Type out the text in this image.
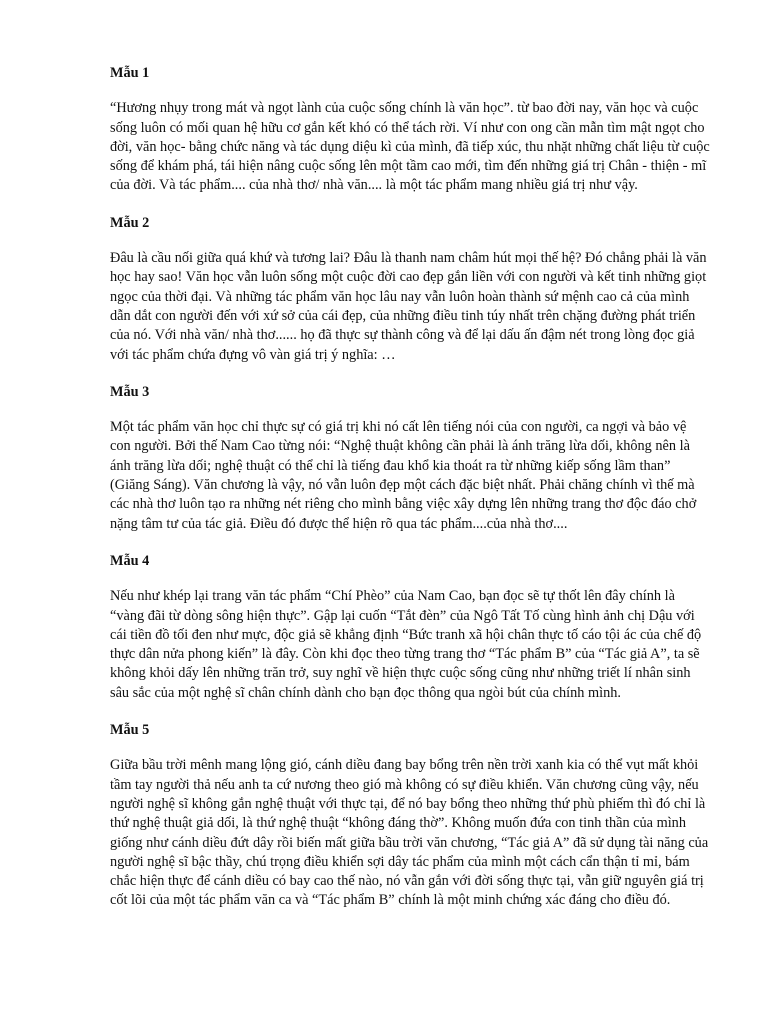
Mẫu 1

“Hương nhụy trong mát và ngọt lành của cuộc sống chính là văn học”. từ bao đời nay, văn học và cuộc sống luôn có mối quan hệ hữu cơ gắn kết khó có thể tách rời. Ví như con ong cần mẫn tìm mật ngọt cho đời, văn học- bằng chức năng và tác dụng diệu kì của mình, đã tiếp xúc, thu nhặt những chất liệu từ cuộc sống để khám phá, tái hiện nâng cuộc sống lên một tầm cao mới, tìm đến những giá trị Chân - thiện - mĩ của đời. Và tác phẩm.... của nhà thơ/ nhà văn.... là một tác phẩm mang nhiều giá trị như vậy.

Mẫu 2

Đâu là cầu nối giữa quá khứ và tương lai? Đâu là thanh nam châm hút mọi thế hệ? Đó chẳng phải là văn học hay sao! Văn học vẫn luôn sống một cuộc đời cao đẹp gắn liền với con người và kết tinh những giọt ngọc của thời đại. Và những tác phẩm văn học lâu nay vẫn luôn hoàn thành sứ mệnh cao cả của mình dẫn dắt con người đến với xứ sở của cái đẹp, của những điều tinh túy nhất trên chặng đường phát triển của nó. Với nhà văn/ nhà thơ...... họ đã thực sự thành công và để lại dấu ấn đậm nét trong lòng đọc giả với tác phẩm chứa đựng vô vàn giá trị ý nghĩa: …

Mẫu 3

Một tác phẩm văn học chỉ thực sự có giá trị khi nó cất lên tiếng nói của con người, ca ngợi và bảo vệ con người. Bởi thế Nam Cao từng nói: “Nghệ thuật không cần phải là ánh trăng lừa dối, không nên là ánh trăng lừa dối; nghệ thuật có thể chỉ là tiếng đau khổ kia thoát ra từ những kiếp sống lầm than” (Giăng Sáng). Văn chương là vậy, nó vẫn luôn đẹp một cách đặc biệt nhất. Phải chăng chính vì thế mà các nhà thơ luôn tạo ra những nét riêng cho mình bằng việc xây dựng lên những trang thơ độc đáo chở nặng tâm tư của tác giả. Điều đó được thể hiện rõ qua tác phẩm....của nhà thơ....

Mẫu 4

Nếu như khép lại trang văn tác phẩm “Chí Phèo” của Nam Cao, bạn đọc sẽ tự thốt lên đây chính là “vàng đãi từ dòng sông hiện thực”. Gập lại cuốn “Tắt đèn” của Ngô Tất Tố cùng hình ảnh chị Dậu với cái tiền đồ tối đen như mực, độc giả sẽ khẳng định “Bức tranh xã hội chân thực tố cáo tội ác của chế độ thực dân nửa phong kiến” là đây. Còn khi đọc theo từng trang thơ “Tác phẩm B” của “Tác giả A”, ta sẽ không khỏi dấy lên những trăn trở, suy nghĩ về hiện thực cuộc sống cũng như những triết lí nhân sinh sâu sắc của một nghệ sĩ chân chính dành cho bạn đọc thông qua ngòi bút của chính mình.

Mẫu 5

Giữa bầu trời mênh mang lộng gió, cánh diều đang bay bổng trên nền trời xanh kia có thể vụt mất khỏi tầm tay người thả nếu anh ta cứ nương theo gió mà không có sự điều khiển. Văn chương cũng vậy, nếu người nghệ sĩ không gắn nghệ thuật với thực tại, để nó bay bổng theo những thứ phù phiếm thì đó chỉ là thứ nghệ thuật giả dối, là thứ nghệ thuật “không đáng thờ”. Không muốn đứa con tinh thần của mình giống như cánh diều đứt dây rồi biến mất giữa bầu trời văn chương, “Tác giả A” đã sử dụng tài năng của người nghệ sĩ bậc thầy, chú trọng điều khiển sợi dây tác phẩm của mình một cách cẩn thận tỉ mỉ, bám chắc hiện thực để cánh diều có bay cao thế nào, nó vẫn gắn với đời sống thực tại, vẫn giữ nguyên giá trị cốt lõi của một tác phẩm văn ca và “Tác phẩm B” chính là một minh chứng xác đáng cho điều đó.
